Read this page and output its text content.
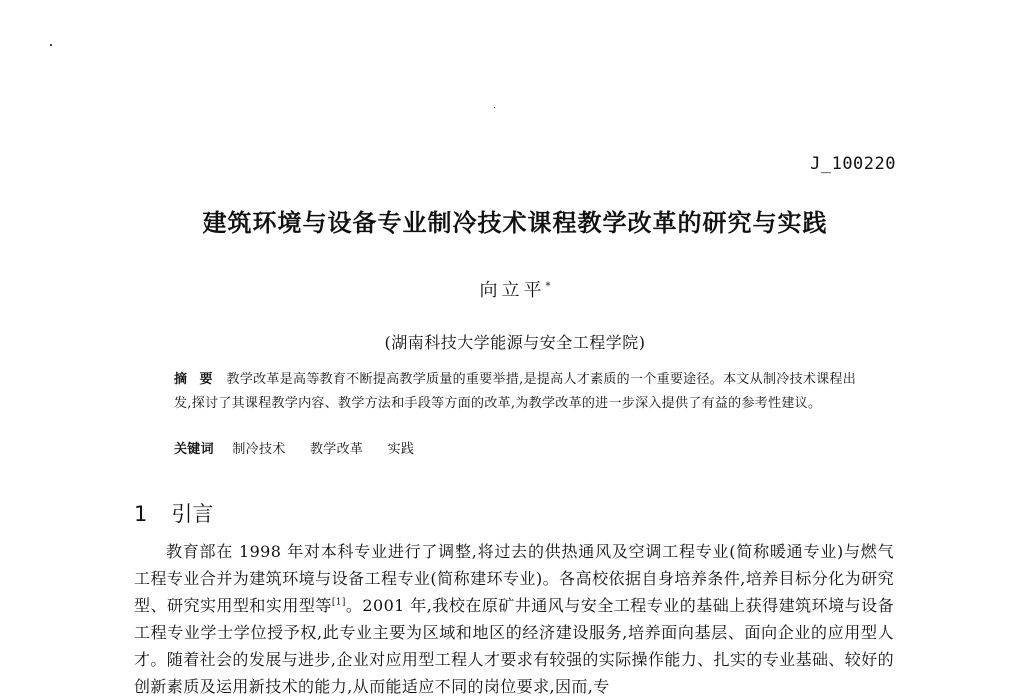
J_100220
建筑环境与设备专业制冷技术课程教学改革的研究与实践
向立平*
(湖南科技大学能源与安全工程学院)
摘 要 教学改革是高等教育不断提高教学质量的重要举措,是提高人才素质的一个重要途径。本文从制冷技术课程出发,探讨了其课程教学内容、教学方法和手段等方面的改革,为教学改革的进一步深入提供了有益的参考性建议。
关键词 制冷技术 教学改革 实践
1 引言
教育部在 1998 年对本科专业进行了调整,将过去的供热通风及空调工程专业(简称暖通专业)与燃气工程专业合并为建筑环境与设备工程专业(简称建环专业)。各高校依据自身培养条件,培养目标分化为研究型、研究实用型和实用型等[1]。2001 年,我校在原矿井通风与安全工程专业的基础上获得建筑环境与设备工程专业学士学位授予权,此专业主要为区域和地区的经济建设服务,培养面向基层、面向企业的应用型人才。随着社会的发展与进步,企业对应用型工程人才要求有较强的实际操作能力、扎实的专业基础、较好的创新素质及运用新技术的能力,从而能适应不同的岗位要求,因而,专
